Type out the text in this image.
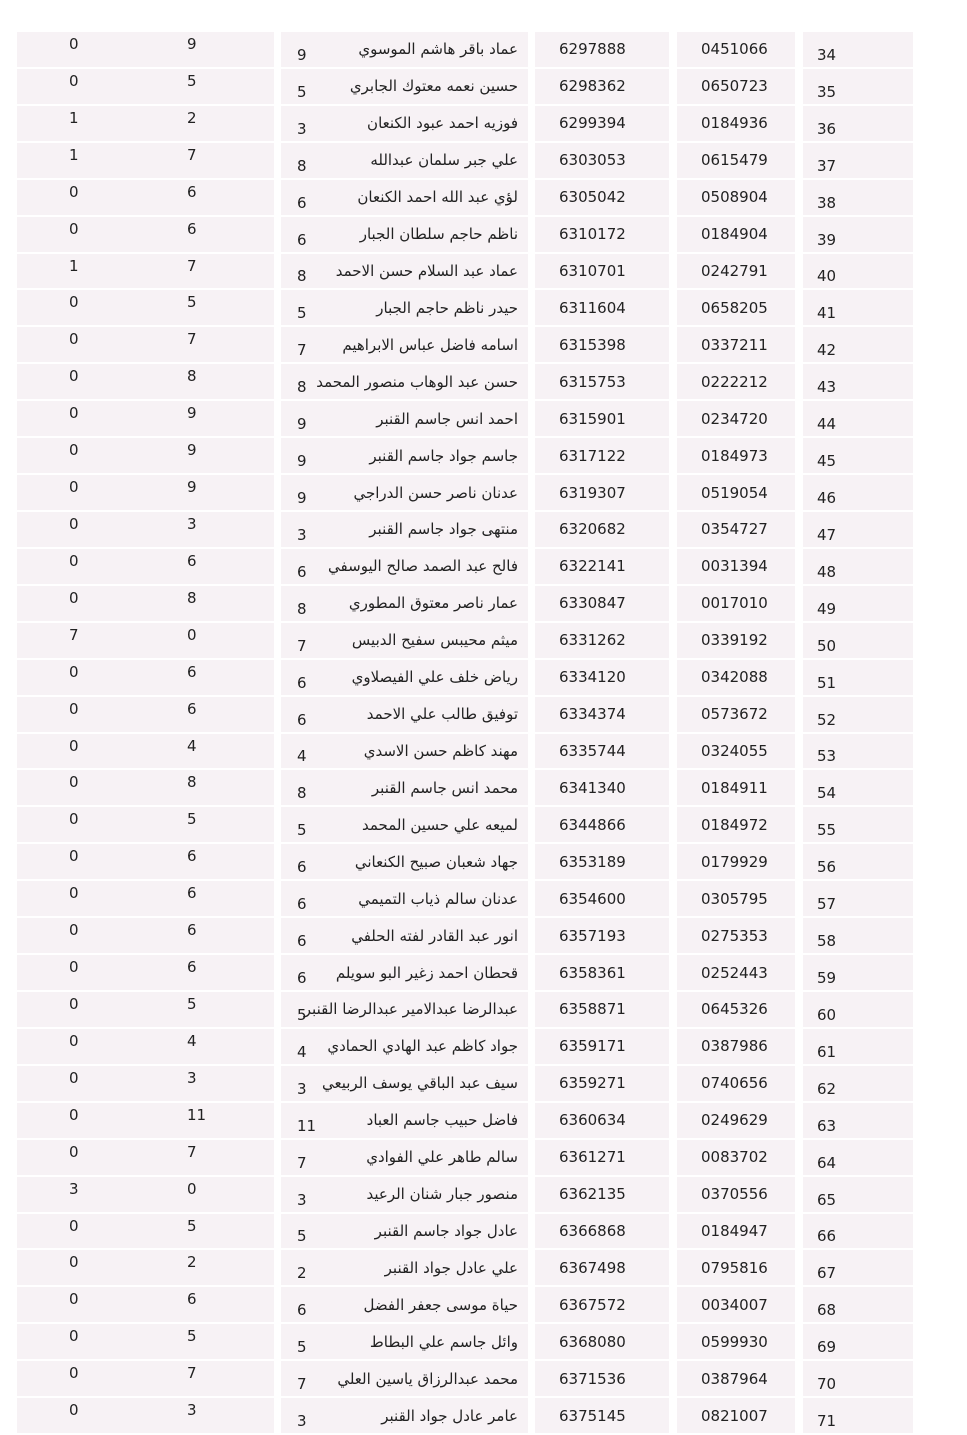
0	9		9	عماد باقر هاشم الموسوي		6297888		0451066		34
0	5		5	حسين نعمه معتوك الجابري		6298362		0650723		35
1	2		3	فوزيه احمد عبود الكنعان		6299394		0184936		36
1	7		8	علي جبر سلمان عبدالله		6303053		0615479		37
0	6		6	لؤي عبد الله احمد الكنعان		6305042		0508904		38
0	6		6	ناظم حاجم سلطان الجبار		6310172		0184904		39
1	7		8	عماد عبد السلام حسن الاحمد		6310701		0242791		40
0	5		5	حيدر ناظم حاجم الجبار		6311604		0658205		41
0	7		7	اسامه فاضل عباس الابراهيم		6315398		0337211		42
0	8		8	حسن عبد الوهاب منصور المحمد		6315753		0222212		43
0	9		9	احمد انس جاسم القنبر		6315901		0234720		44
0	9		9	جاسم جواد جاسم القنبر		6317122		0184973		45
0	9		9	عدنان ناصر حسن الدراجي		6319307		0519054		46
0	3		3	منتهى جواد جاسم القنبر		6320682		0354727		47
0	6		6	فالح عبد الصمد صالح اليوسفي		6322141		0031394		48
0	8		8	عمار ناصر معتوق المطوري		6330847		0017010		49
7	0		7	ميثم محيبس سفيح الدبيس		6331262		0339192		50
0	6		6	رياض خلف علي الفيصلاوي		6334120		0342088		51
0	6		6	توفيق طالب علي الاحمد		6334374		0573672		52
0	4		4	مهند كاظم حسن الاسدي		6335744		0324055		53
0	8		8	محمد انس جاسم القنبر		6341340		0184911		54
0	5		5	لميعه علي حسين المحمد		6344866		0184972		55
0	6		6	جهاد شعبان صبيح الكنعاني		6353189		0179929		56
0	6		6	عدنان سالم ذياب التميمي		6354600		0305795		57
0	6		6	انور عبد القادر لفته الحلفي		6357193		0275353		58
0	6		6	قحطان احمد زغير البو سويلم		6358361		0252443		59
0	5		5	عبدالرضا عبدالامير عبدالرضا القنبر		6358871		0645326		60
0	4		4	جواد كاظم عبد الهادي الحمادي		6359171		0387986		61
0	3		3	سيف عبد الباقي يوسف الربيعي		6359271		0740656		62
0	11		11	فاضل حبيب جاسم العباد		6360634		0249629		63
0	7		7	سالم طاهر علي الفوادي		6361271		0083702		64
3	0		3	منصور جبار شنان الرعيد		6362135		0370556		65
0	5		5	عادل جواد جاسم القنبر		6366868		0184947		66
0	2		2	علي عادل جواد القنبر		6367498		0795816		67
0	6		6	حياة موسى جعفر الفضل		6367572		0034007		68
0	5		5	وائل جاسم علي البطاط		6368080		0599930		69
0	7		7	محمد عبدالرزاق ياسين العلي		6371536		0387964		70
0	3		3	عامر عادل جواد القنبر		6375145		0821007		71
